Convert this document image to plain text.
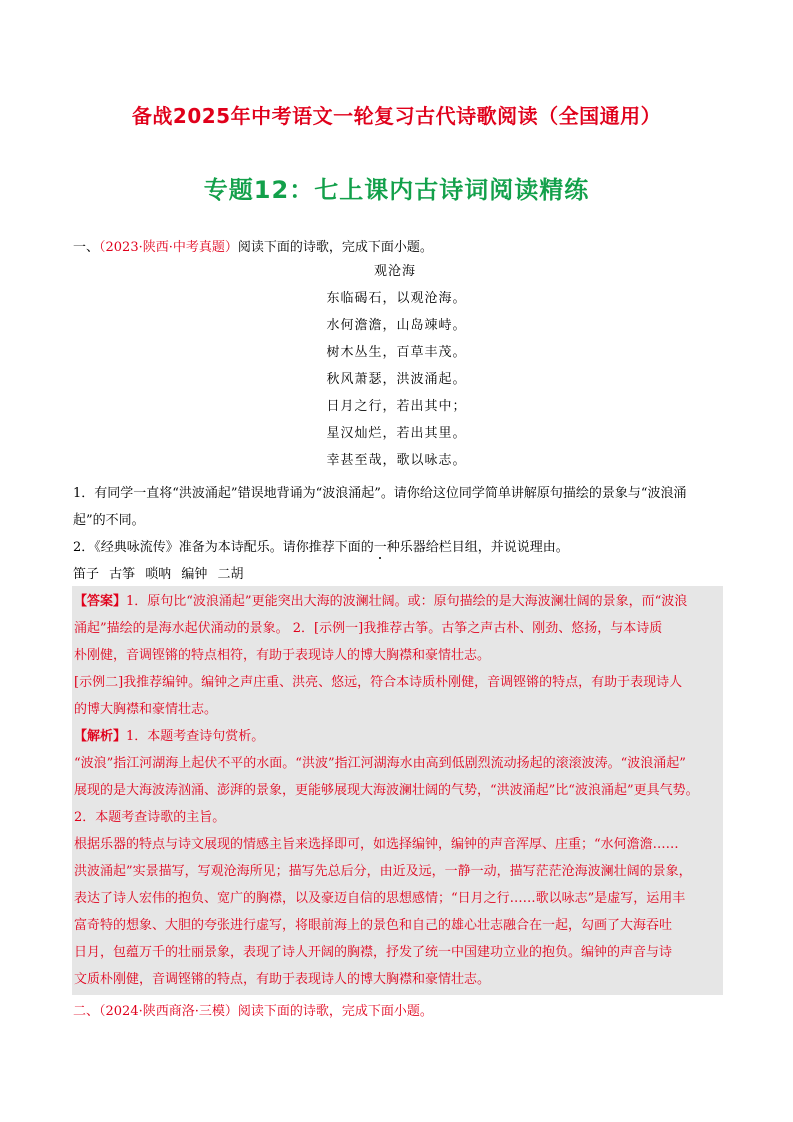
备战2025年中考语文一轮复习古代诗歌阅读（全国通用）
专题12：七上课内古诗词阅读精练
一、（2023·陕西·中考真题）阅读下面的诗歌，完成下面小题。
观沧海
东临碣石，以观沧海。
水何澹澹，山岛竦峙。
树木丛生，百草丰茂。
秋风萧瑟，洪波涌起。
日月之行，若出其中；
星汉灿烂，若出其里。
幸甚至哉，歌以咏志。

1．有同学一直将“洪波涌起”错误地背诵为“波浪涌起”。请你给这位同学简单讲解原句描绘的景象与“波浪涌

起”的不同。

2．《经典咏流传》准备为本诗配乐。请你推荐下面的一种乐器给栏目组，并说说理由。

笛子 古筝 唢呐 编钟 二胡

【答案】1．原句比“波浪涌起”更能突出大海的波澜壮阔。或：原句描绘的是大海波澜壮阔的景象，而“波浪

涌起”描绘的是海水起伏涌动的景象。 2．[示例一]我推荐古筝。古筝之声古朴、刚劲、悠扬，与本诗质

朴刚健，音调铿锵的特点相符，有助于表现诗人的博大胸襟和豪情壮志。

[示例二]我推荐编钟。编钟之声庄重、洪亮、悠远，符合本诗质朴刚健，音调铿锵的特点，有助于表现诗人

的博大胸襟和豪情壮志。

【解析】1．本题考查诗句赏析。

“波浪”指江河湖海上起伏不平的水面。“洪波”指江河湖海水由高到低剧烈流动扬起的滚滚波涛。“波浪涌起”

展现的是大海波涛汹涌、澎湃的景象，更能够展现大海波澜壮阔的气势，“洪波涌起”比“波浪涌起”更具气势。

2．本题考查诗歌的主旨。

根据乐器的特点与诗文展现的情感主旨来选择即可，如选择编钟，编钟的声音浑厚、庄重；“水何澹澹……

洪波涌起”实景描写，写观沧海所见；描写先总后分，由近及远，一静一动，描写茫茫沧海波澜壮阔的景象，

表达了诗人宏伟的抱负、宽广的胸襟，以及豪迈自信的思想感情；“日月之行……歌以咏志”是虚写，运用丰

富奇特的想象、大胆的夸张进行虚写，将眼前海上的景色和自己的雄心壮志融合在一起，勾画了大海吞吐

日月，包蕴万千的壮丽景象，表现了诗人开阔的胸襟，抒发了统一中国建功立业的抱负。编钟的声音与诗

文质朴刚健，音调铿锵的特点，有助于表现诗人的博大胸襟和豪情壮志。

二、（2024·陕西商洛·三模）阅读下面的诗歌，完成下面小题。
